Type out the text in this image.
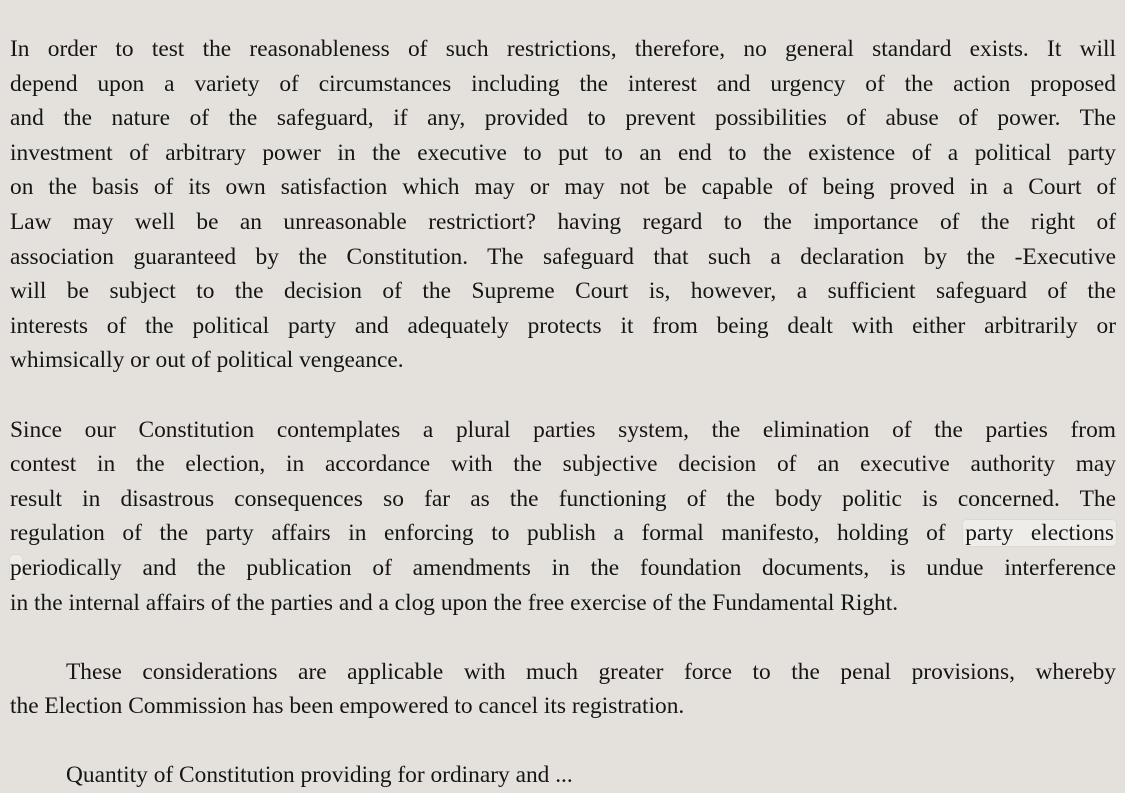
In order to test the reasonableness of such restrictions, therefore, no general standard exists. It will
depend upon a variety of circumstances including the interest and urgency of the action proposed
and the nature of the safeguard, if any, provided to prevent possibilities of abuse of power. The
investment of arbitrary power in the executive to put to an end to the existence of a political party
on the basis of its own satisfaction which may or may not be capable of being proved in a Court of
Law may well be an unreasonable restrictiort? having regard to the importance of the right of
association guaranteed by the Constitution. The safeguard that such a declaration by the -Executive
will be subject to the decision of the Supreme Court is, however, a sufficient safeguard of the
interests of the political party and adequately protects it from being dealt with either arbitrarily or
whimsically or out of political vengeance.
Since our Constitution contemplates a plural parties system, the elimination of the parties from
contest in the election, in accordance with the subjective decision of an executive authority may
result in disastrous consequences so far as the functioning of the body politic is concerned. The
regulation of the party affairs in enforcing to publish a formal manifesto, holding of party elections
periodically and the publication of amendments in the foundation documents, is undue interference
in the internal affairs of the parties and a clog upon the free exercise of the Fundamental Right.
These considerations are applicable with much greater force to the penal provisions, whereby
the Election Commission has been empowered to cancel its registration.
Quantity of Constitution providing for ordinary and ...
